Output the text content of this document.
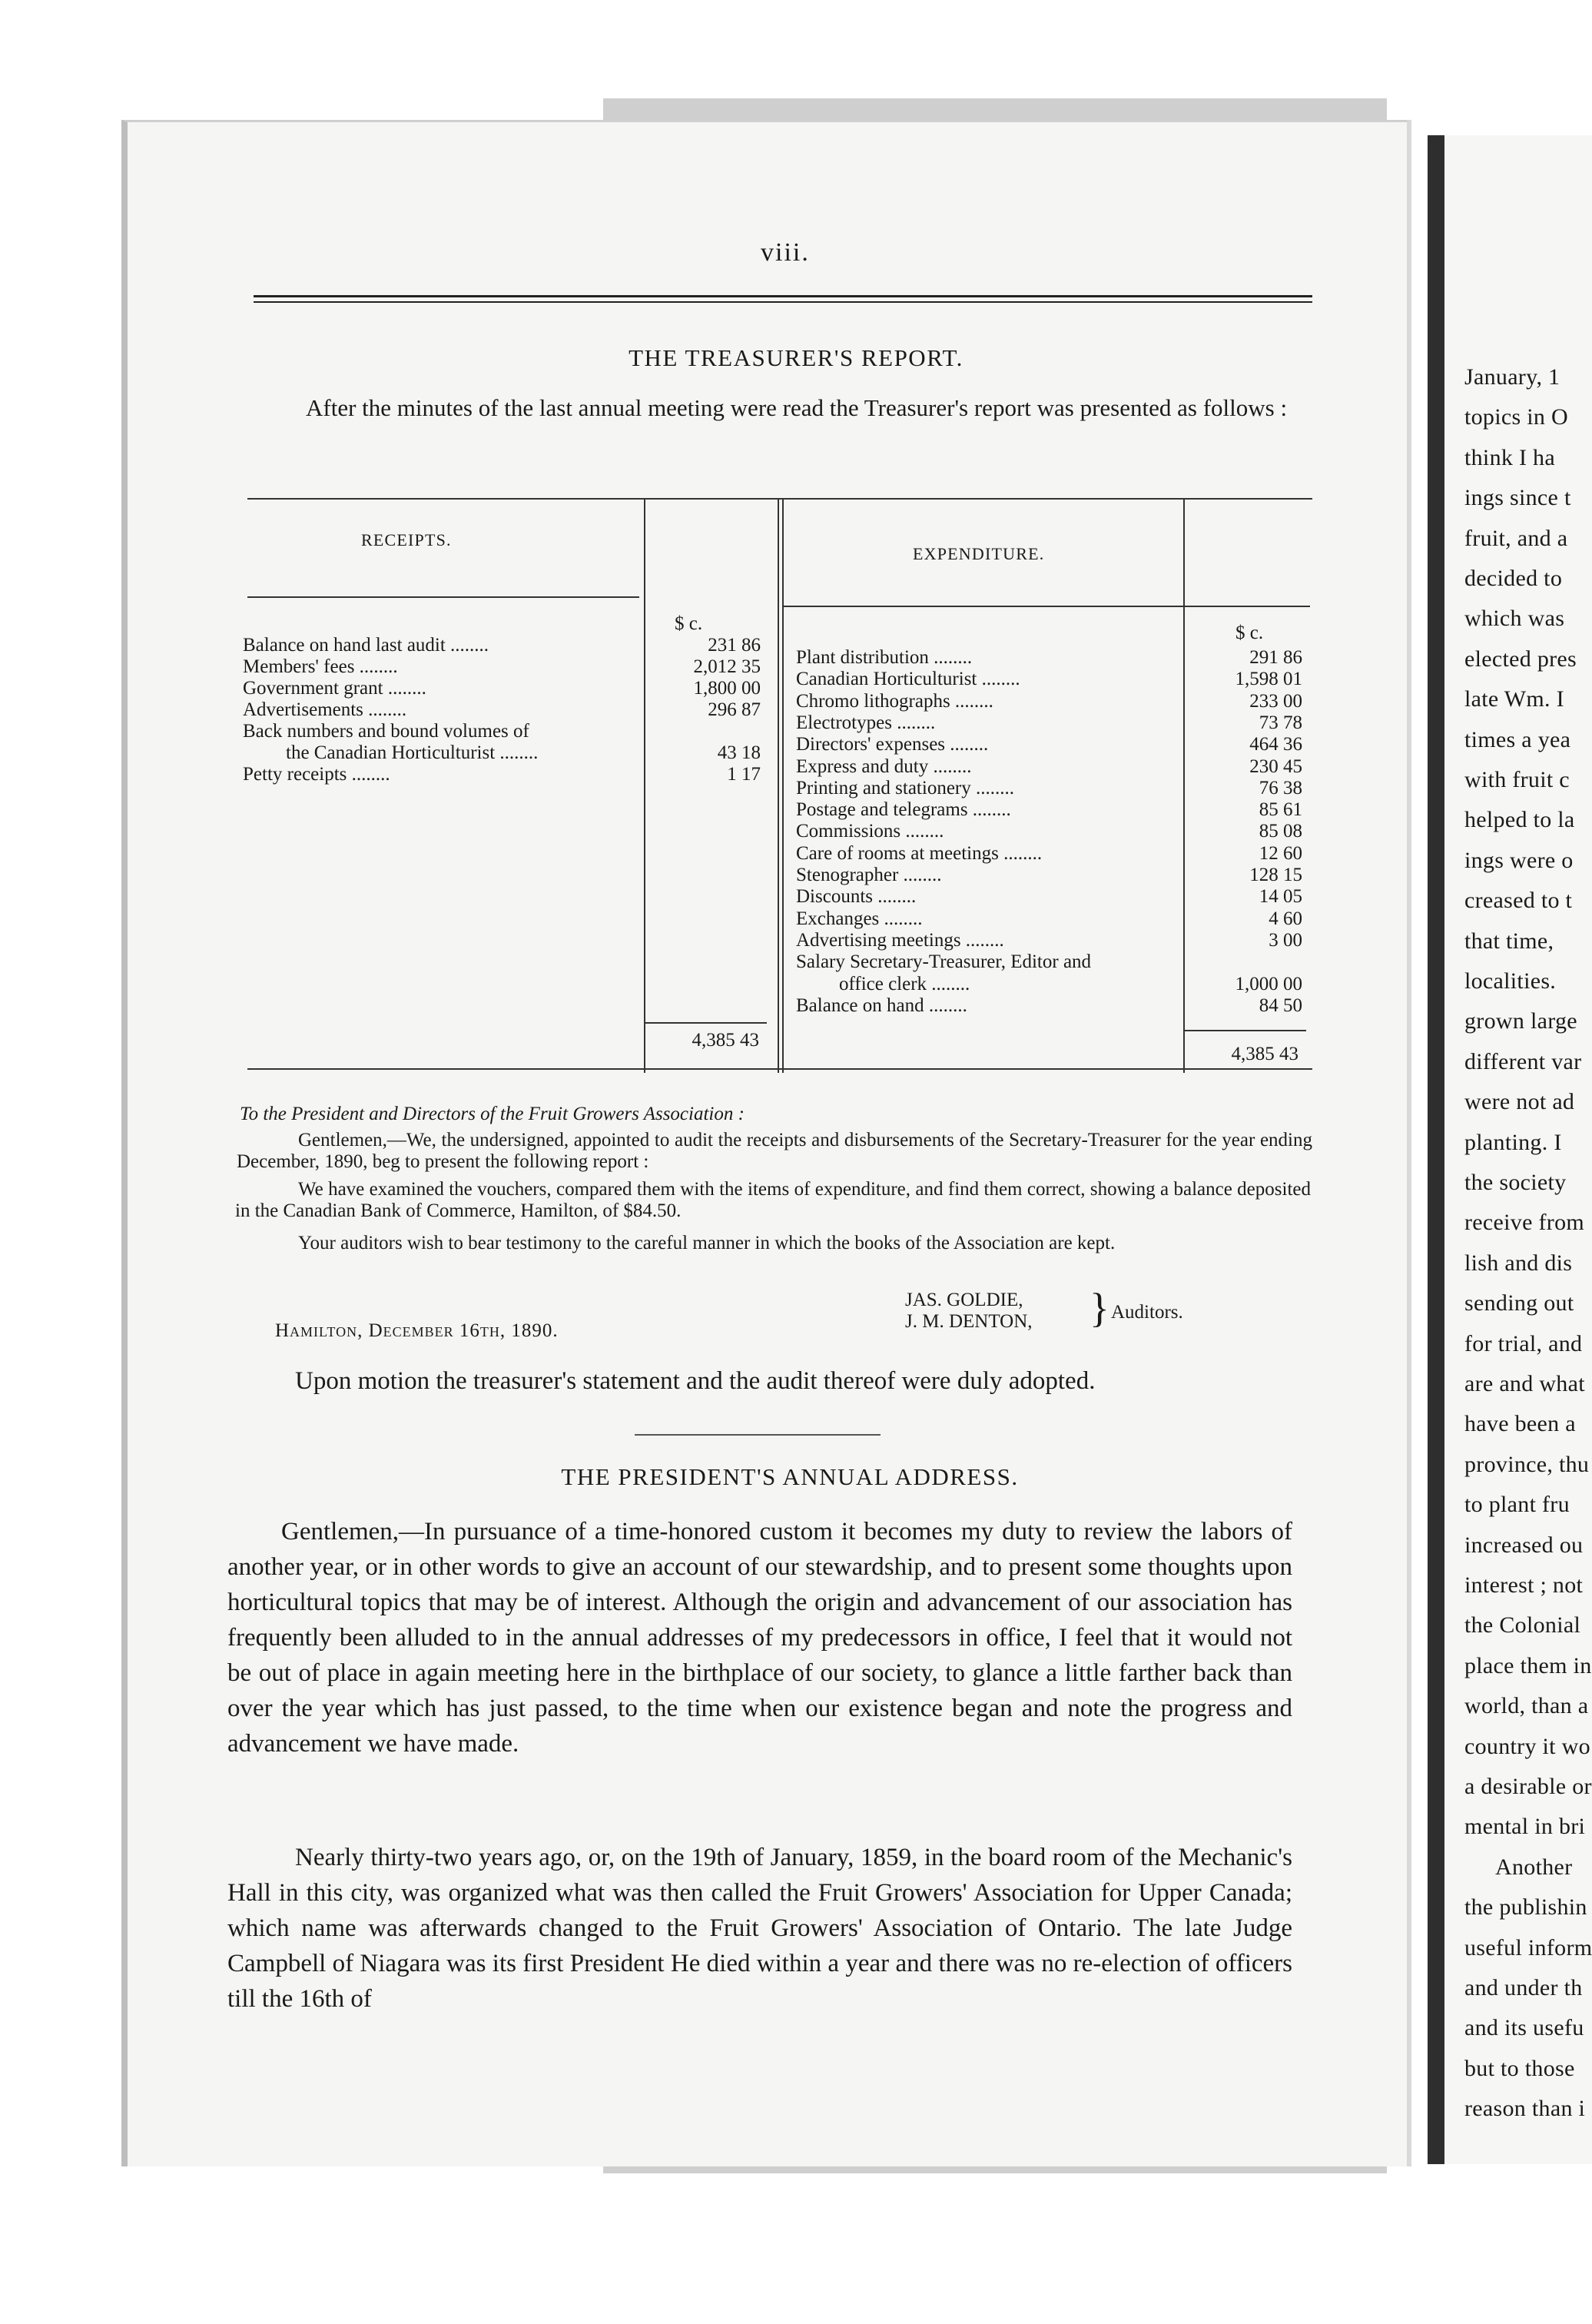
January, 1
topics in O
think I ha
ings since t
fruit, and a
decided to
which was
elected pres
late Wm. I
times a yea
with fruit c
helped to la
ings were o
creased to t
that time,
localities.
grown large
different var
were not ad
planting. I
the society
receive from
lish and dis
sending out
for trial, and
are and what
have been a
province, thu
to plant fru
increased ou
interest ; not
the Colonial
place them in
world, than a
country it wo
a desirable or
mental in bri
Another
the publishin
useful inform
and under th
and its usefu
but to those
reason than i
viii.
THE TREASURER'S REPORT.
After the minutes of the last annual meeting were read the Treasurer's report was presented as follows :
RECEIPTS.
EXPENDITURE.
$ c.	$ c.
Balance on hand last audit ........	231 86
Members' fees ........	2,012 35
Government grant ........	1,800 00
Advertisements ........	296 87
Back numbers and bound volumes of
the Canadian Horticulturist ........	43 18
Petty receipts ........	1 17
Plant distribution ........	291 86
Canadian Horticulturist ........	1,598 01
Chromo lithographs ........	233 00
Electrotypes ........	73 78
Directors' expenses ........	464 36
Express and duty ........	230 45
Printing and stationery ........	76 38
Postage and telegrams ........	85 61
Commissions ........	85 08
Care of rooms at meetings ........	12 60
Stenographer ........	128 15
Discounts ........	14 05
Exchanges ........	4 60
Advertising meetings ........	3 00
Salary Secretary-Treasurer, Editor and
office clerk ........	1,000 00
Balance on hand ........	84 50
4,385 43
4,385 43
To the President and Directors of the Fruit Growers Association :
Gentlemen,—We, the undersigned, appointed to audit the receipts and disbursements of the Secretary-Treasurer for the year ending December, 1890, beg to present the following report :
We have examined the vouchers, compared them with the items of expenditure, and find them correct, showing a balance deposited in the Canadian Bank of Commerce, Hamilton, of $84.50.
Your auditors wish to bear testimony to the careful manner in which the books of the Association are kept.
Hamilton, December 16th, 1890.
JAS. GOLDIE,
J. M. DENTON, } Auditors.
Upon motion the treasurer's statement and the audit thereof were duly adopted.
THE PRESIDENT'S ANNUAL ADDRESS.
Gentlemen,—In pursuance of a time-honored custom it becomes my duty to review the labors of another year, or in other words to give an account of our stewardship, and to present some thoughts upon horticultural topics that may be of interest. Although the origin and advancement of our association has frequently been alluded to in the annual addresses of my predecessors in office, I feel that it would not be out of place in again meeting here in the birthplace of our society, to glance a little farther back than over the year which has just passed, to the time when our existence began and note the progress and advancement we have made.
Nearly thirty-two years ago, or, on the 19th of January, 1859, in the board room of the Mechanic's Hall in this city, was organized what was then called the Fruit Growers' Association for Upper Canada; which name was afterwards changed to the Fruit Growers' Association of Ontario. The late Judge Campbell of Niagara was its first President He died within a year and there was no re-election of officers till the 16th of
